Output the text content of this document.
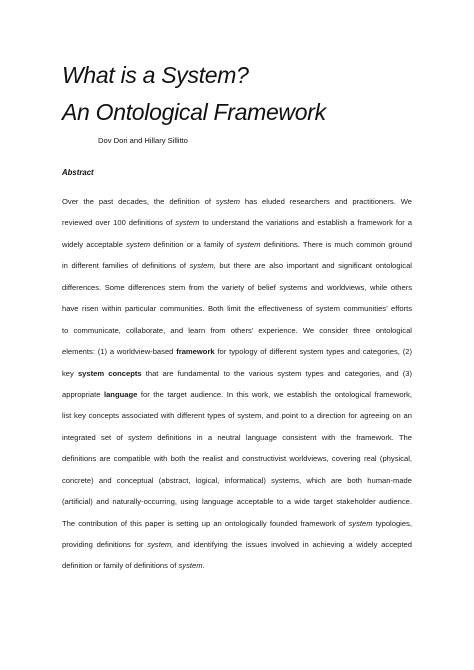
What is a System?
An Ontological Framework
Dov Dori and Hillary Sillitto
Abstract
Over the past decades, the definition of system has eluded researchers and practitioners. We
reviewed over 100 definitions of system to understand the variations and establish a framework for a
widely acceptable system definition or a family of system definitions. There is much common ground
in different families of definitions of system, but there are also important and significant ontological
differences. Some differences stem from the variety of belief systems and worldviews, while others
have risen within particular communities. Both limit the effectiveness of system communities’ efforts
to communicate, collaborate, and learn from others’ experience. We consider three ontological
elements: (1) a worldview-based framework for typology of different system types and categories, (2)
key system concepts that are fundamental to the various system types and categories, and (3)
appropriate language for the target audience. In this work, we establish the ontological framework,
list key concepts associated with different types of system, and point to a direction for agreeing on an
integrated set of system definitions in a neutral language consistent with the framework. The
definitions are compatible with both the realist and constructivist worldviews, covering real (physical,
concrete) and conceptual (abstract, logical, informatical) systems, which are both human-made
(artificial) and naturally-occurring, using language acceptable to a wide target stakeholder audience.
The contribution of this paper is setting up an ontologically founded framework of system typologies,
providing definitions for system, and identifying the issues involved in achieving a widely accepted
definition or family of definitions of system.
